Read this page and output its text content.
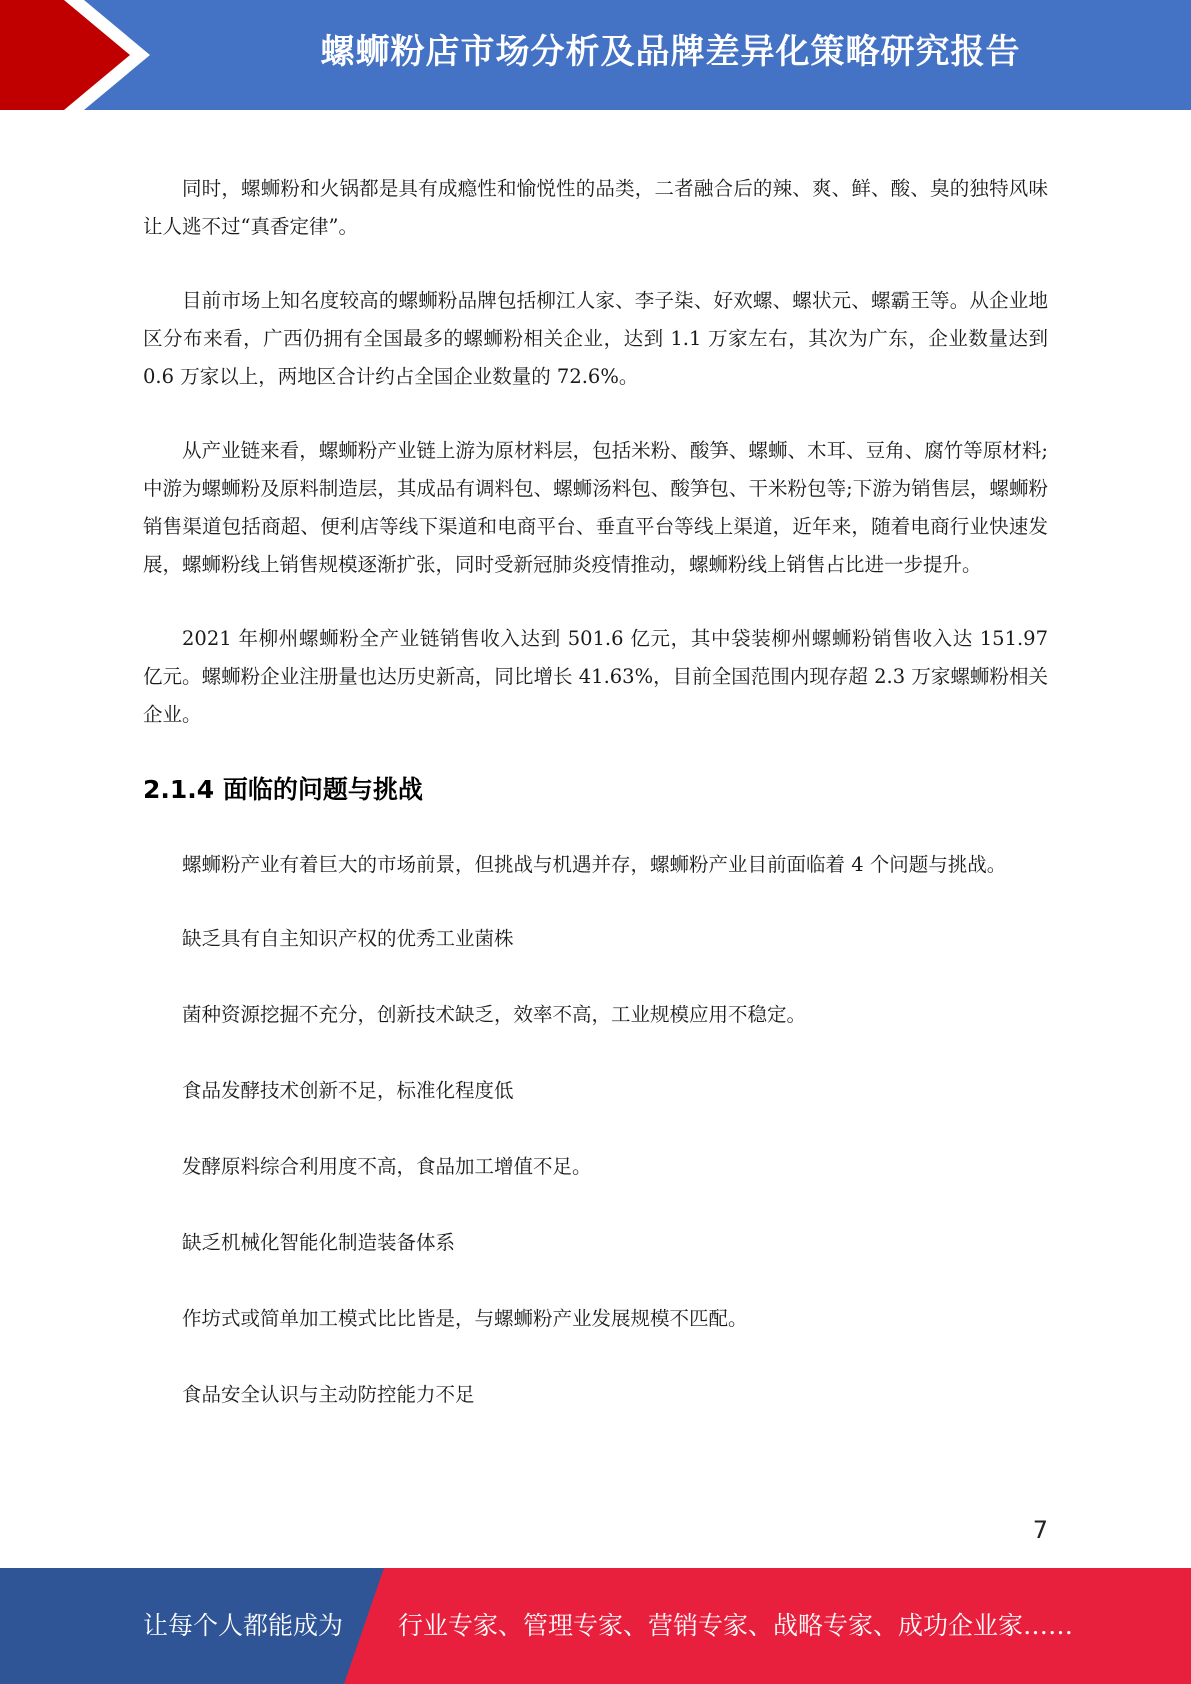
螺蛳粉店市场分析及品牌差异化策略研究报告

同时，螺蛳粉和火锅都是具有成瘾性和愉悦性的品类，二者融合后的辣、爽、鲜、酸、臭的独特风味让人逃不过“真香定律”。

目前市场上知名度较高的螺蛳粉品牌包括柳江人家、李子柒、好欢螺、螺状元、螺霸王等。从企业地区分布来看，广西仍拥有全国最多的螺蛳粉相关企业，达到 1.1 万家左右，其次为广东，企业数量达到 0.6 万家以上，两地区合计约占全国企业数量的 72.6%。

从产业链来看，螺蛳粉产业链上游为原材料层，包括米粉、酸笋、螺蛳、木耳、豆角、腐竹等原材料;中游为螺蛳粉及原料制造层，其成品有调料包、螺蛳汤料包、酸笋包、干米粉包等;下游为销售层，螺蛳粉销售渠道包括商超、便利店等线下渠道和电商平台、垂直平台等线上渠道，近年来，随着电商行业快速发展，螺蛳粉线上销售规模逐渐扩张，同时受新冠肺炎疫情推动，螺蛳粉线上销售占比进一步提升。

2021 年柳州螺蛳粉全产业链销售收入达到 501.6 亿元，其中袋装柳州螺蛳粉销售收入达 151.97 亿元。螺蛳粉企业注册量也达历史新高，同比增长 41.63%，目前全国范围内现存超 2.3 万家螺蛳粉相关企业。

2.1.4 面临的问题与挑战

螺蛳粉产业有着巨大的市场前景，但挑战与机遇并存，螺蛳粉产业目前面临着 4 个问题与挑战。

缺乏具有自主知识产权的优秀工业菌株

菌种资源挖掘不充分，创新技术缺乏，效率不高，工业规模应用不稳定。

食品发酵技术创新不足，标准化程度低

发酵原料综合利用度不高，食品加工增值不足。

缺乏机械化智能化制造装备体系

作坊式或简单加工模式比比皆是，与螺蛳粉产业发展规模不匹配。

食品安全认识与主动防控能力不足

7
让每个人都能成为 行业专家、管理专家、营销专家、战略专家、成功企业家……
